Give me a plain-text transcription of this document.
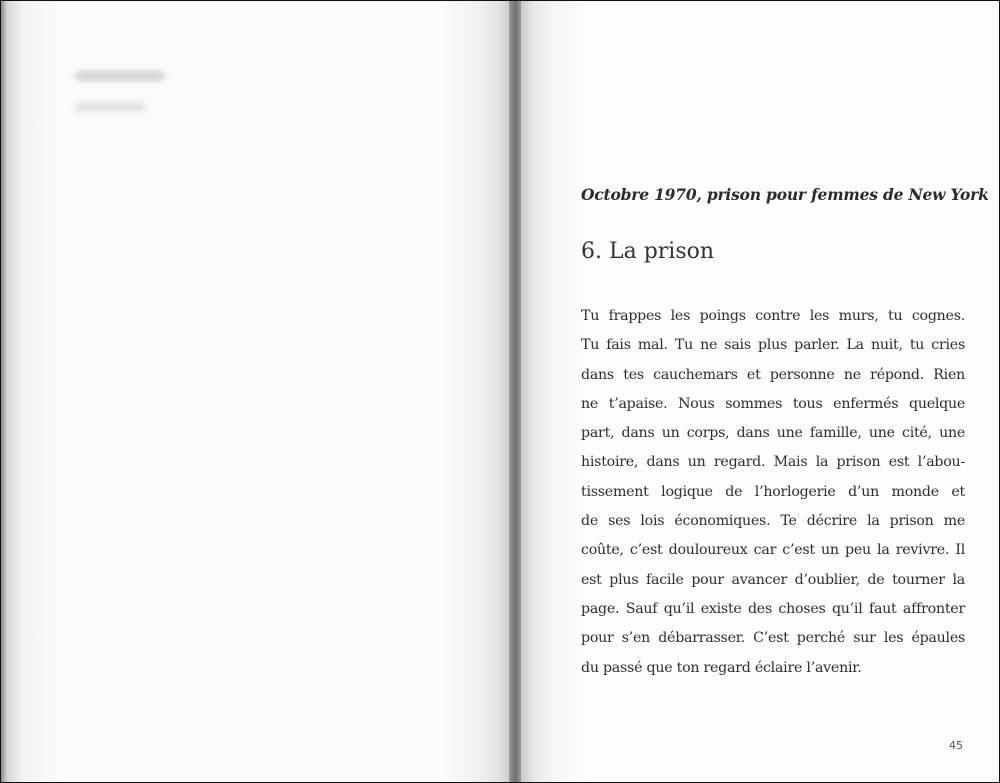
Octobre 1970, prison pour femmes de New York
6. La prison
Tu frappes les poings contre les murs, tu cognes.
Tu fais mal. Tu ne sais plus parler. La nuit, tu cries
dans tes cauchemars et personne ne répond. Rien
ne t’apaise. Nous sommes tous enfermés quelque
part, dans un corps, dans une famille, une cité, une
histoire, dans un regard. Mais la prison est l’abou-
tissement logique de l’horlogerie d’un monde et
de ses lois économiques. Te décrire la prison me
coûte, c’est douloureux car c’est un peu la revivre. Il
est plus facile pour avancer d’oublier, de tourner la
page. Sauf qu’il existe des choses qu’il faut affronter
pour s’en débarrasser. C’est perché sur les épaules
du passé que ton regard éclaire l’avenir.
45
